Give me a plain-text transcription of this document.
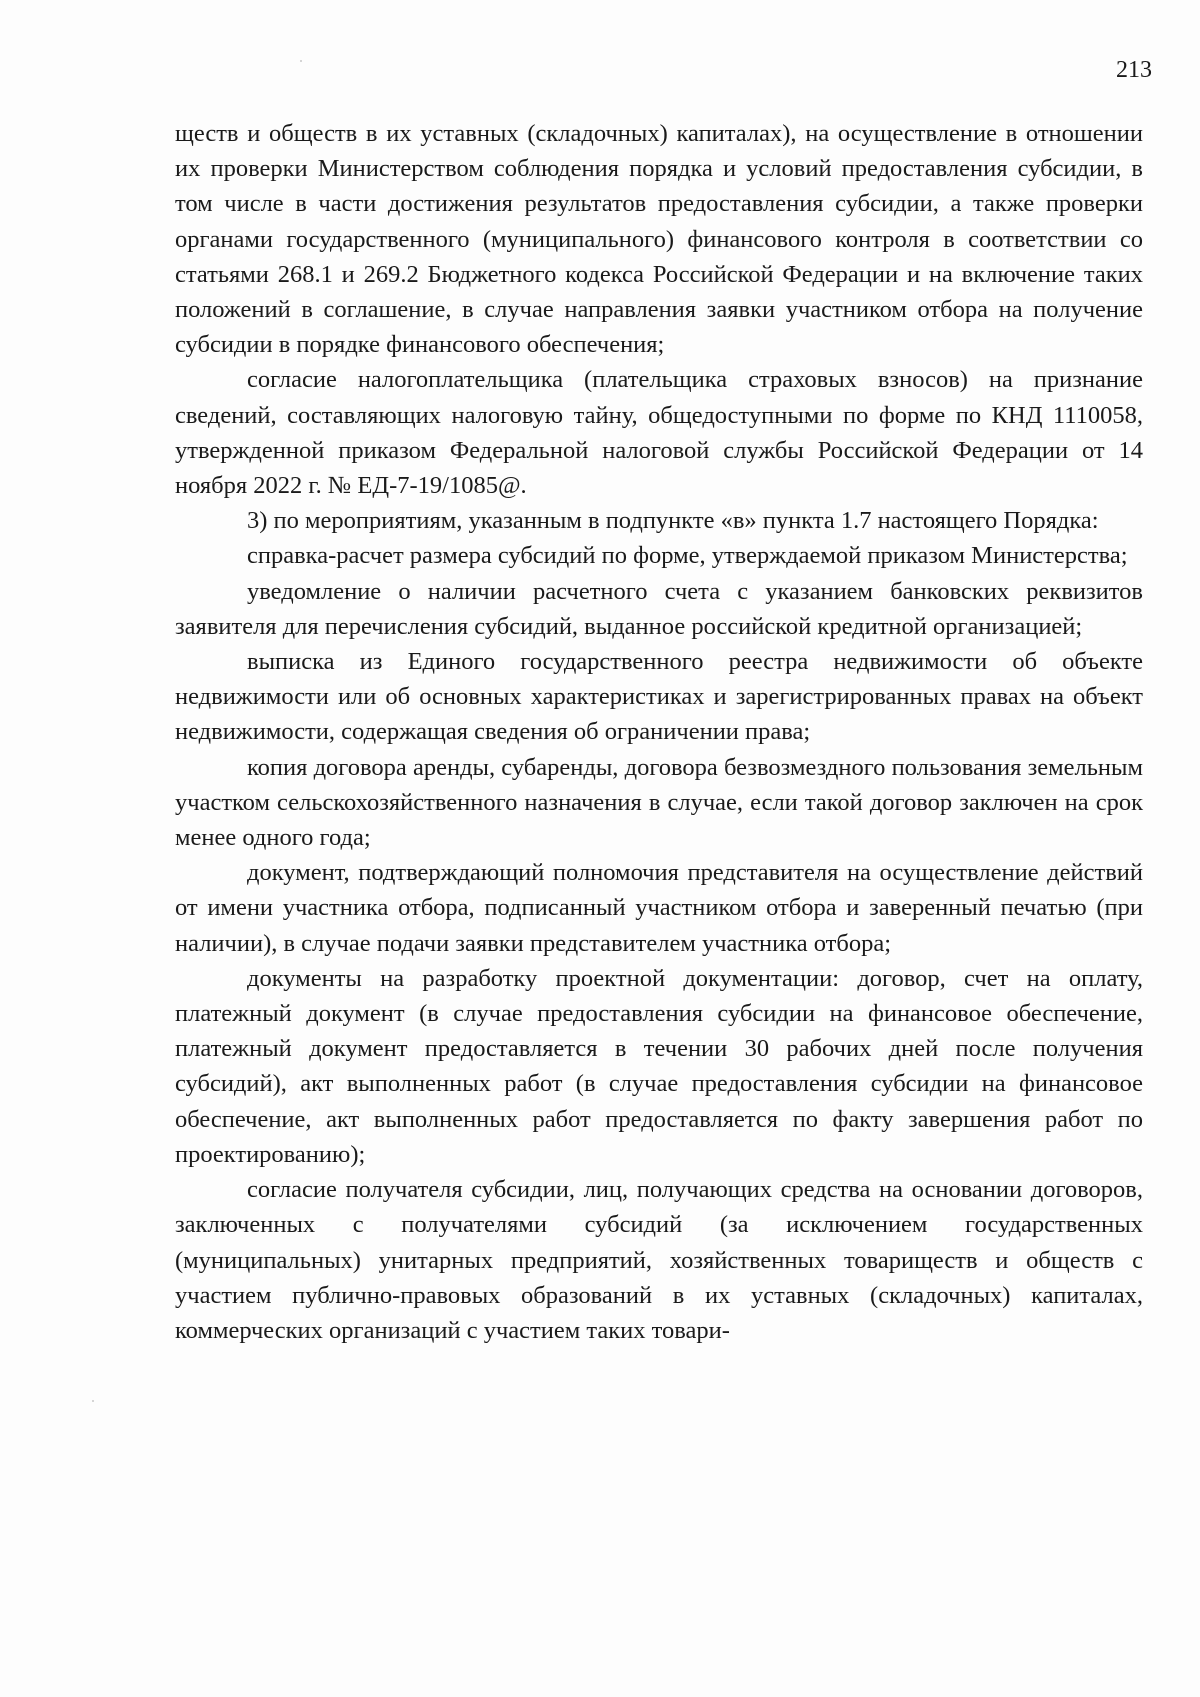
213

ществ и обществ в их уставных (складочных) капиталах), на осуществление в отношении их проверки Министерством соблюдения порядка и условий предоставления субсидии, в том числе в части достижения результатов предоставления субсидии, а также проверки органами государственного (муниципального) финансового контроля в соответствии со статьями 268.1 и 269.2 Бюджетного кодекса Российской Федерации и на включение таких положений в соглашение, в случае направления заявки участником отбора на получение субсидии в порядке финансового обеспечения;

согласие налогоплательщика (плательщика страховых взносов) на признание сведений, составляющих налоговую тайну, общедоступными по форме по КНД 1110058, утвержденной приказом Федеральной налоговой службы Российской Федерации от 14 ноября 2022 г. № ЕД-7-19/1085@.

3) по мероприятиям, указанным в подпункте «в» пункта 1.7 настоящего Порядка:

справка-расчет размера субсидий по форме, утверждаемой приказом Министерства;

уведомление о наличии расчетного счета с указанием банковских реквизитов заявителя для перечисления субсидий, выданное российской кредитной организацией;

выписка из Единого государственного реестра недвижимости об объекте недвижимости или об основных характеристиках и зарегистрированных правах на объект недвижимости, содержащая сведения об ограничении права;

копия договора аренды, субаренды, договора безвозмездного пользования земельным участком сельскохозяйственного назначения в случае, если такой договор заключен на срок менее одного года;

документ, подтверждающий полномочия представителя на осуществление действий от имени участника отбора, подписанный участником отбора и заверенный печатью (при наличии), в случае подачи заявки представителем участника отбора;

документы на разработку проектной документации: договор, счет на оплату, платежный документ (в случае предоставления субсидии на финансовое обеспечение, платежный документ предоставляется в течении 30 рабочих дней после получения субсидий), акт выполненных работ (в случае предоставления субсидии на финансовое обеспечение, акт выполненных работ предоставляется по факту завершения работ по проектированию);

согласие получателя субсидии, лиц, получающих средства на основании договоров, заключенных с получателями субсидий (за исключением государственных (муниципальных) унитарных предприятий, хозяйственных товариществ и обществ с участием публично-правовых образований в их уставных (складочных) капиталах, коммерческих организаций с участием таких товари-
